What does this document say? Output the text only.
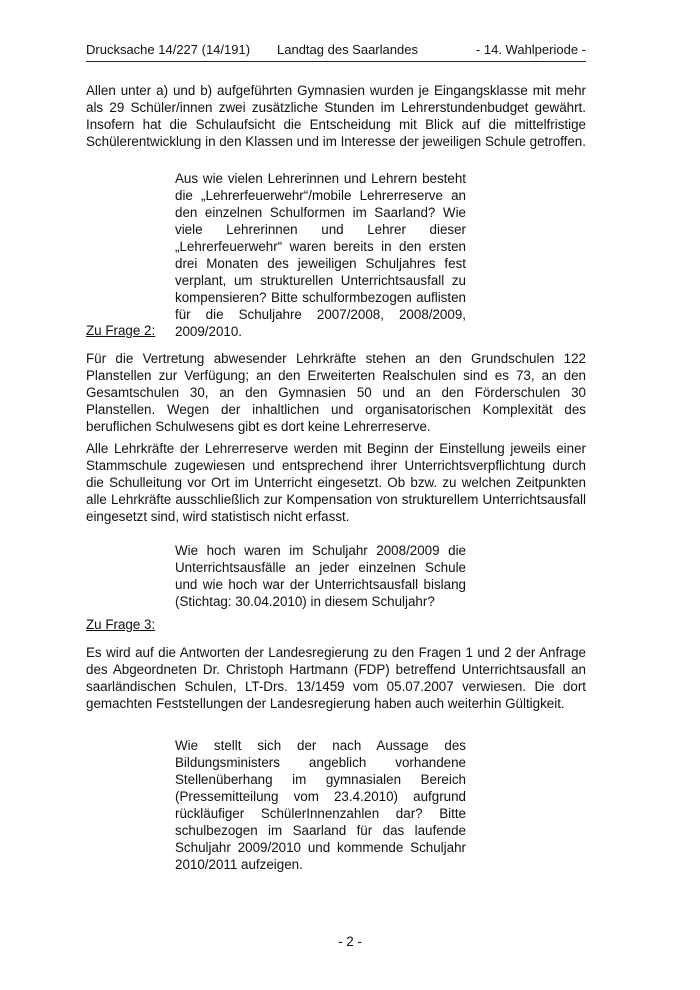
Drucksache 14/227 (14/191) Landtag des Saarlandes	- 14. Wahlperiode -

Allen unter a) und b) aufgeführten Gymnasien wurden je Eingangsklasse mit mehr als 29 Schüler/innen zwei zusätzliche Stunden im Lehrerstundenbudget gewährt. Insofern hat die Schulaufsicht die Entscheidung mit Blick auf die mittelfristige Schülerentwicklung in den Klassen und im Interesse der jeweiligen Schule getroffen.

Aus wie vielen Lehrerinnen und Lehrern besteht die „Lehrerfeuerwehr“/mobile Lehrerreserve an den einzelnen Schulformen im Saarland? Wie viele Lehrerinnen und Lehrer dieser „Lehrerfeuerwehr“ waren bereits in den ersten drei Monaten des jeweiligen Schuljahres fest verplant, um strukturellen Unterrichtsausfall zu kompensieren? Bitte schulformbezogen auflisten für die Schuljahre 2007/2008, 2008/2009, 2009/2010.

Zu Frage 2:

Für die Vertretung abwesender Lehrkräfte stehen an den Grundschulen 122 Planstellen zur Verfügung; an den Erweiterten Realschulen sind es 73, an den Gesamtschulen 30, an den Gymnasien 50 und an den Förderschulen 30 Planstellen. Wegen der inhaltlichen und organisatorischen Komplexität des beruflichen Schulwesens gibt es dort keine Lehrerreserve.

Alle Lehrkräfte der Lehrerreserve werden mit Beginn der Einstellung jeweils einer Stammschule zugewiesen und entsprechend ihrer Unterrichtsverpflichtung durch die Schulleitung vor Ort im Unterricht eingesetzt. Ob bzw. zu welchen Zeitpunkten alle Lehrkräfte ausschließlich zur Kompensation von strukturellem Unterrichtsausfall eingesetzt sind, wird statistisch nicht erfasst.

Wie hoch waren im Schuljahr 2008/2009 die Unterrichtsausfälle an jeder einzelnen Schule und wie hoch war der Unterrichtsausfall bislang (Stichtag: 30.04.2010) in diesem Schuljahr?

Zu Frage 3:

Es wird auf die Antworten der Landesregierung zu den Fragen 1 und 2 der Anfrage des Abgeordneten Dr. Christoph Hartmann (FDP) betreffend Unterrichtsausfall an saarländischen Schulen, LT-Drs. 13/1459 vom 05.07.2007 verwiesen. Die dort gemachten Feststellungen der Landesregierung haben auch weiterhin Gültigkeit.

Wie stellt sich der nach Aussage des Bildungsministers angeblich vorhandene Stellenüberhang im gymnasialen Bereich (Pressemitteilung vom 23.4.2010) aufgrund rückläufiger SchülerInnenzahlen dar? Bitte schulbezogen im Saarland für das laufende Schuljahr 2009/2010 und kommende Schuljahr 2010/2011 aufzeigen.

- 2 -
